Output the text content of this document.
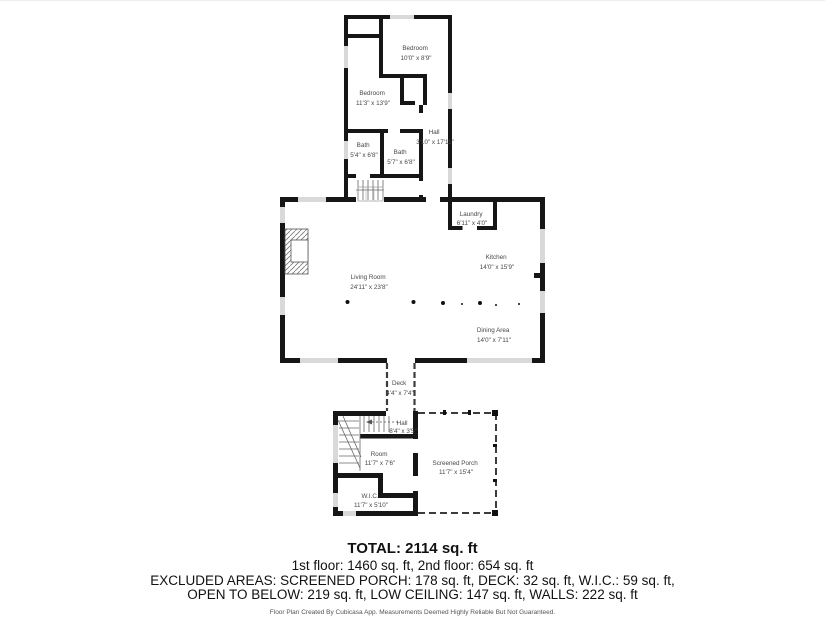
Bedroom 10'0" x 8'9"
Bedroom 11'3" x 13'9"
Bath 5'4" x 6'8"	Bath 5'7" x 6'8"
Hall 3'10" x 17'11"
Laundry 6'11" x 4'0"
Kitchen 14'0" x 15'9"
Living Room 24'11" x 23'8"
Dining Area 14'0" x 7'11"
Deck 4'4" x 7'4"
Hall 8'4" x 3'5"
Room 11'7" x 7'6"	Screened Porch 11'7" x 15'4"
W.I.C. 11'7" x 5'10"
TOTAL: 2114 sq. ft
1st floor: 1460 sq. ft, 2nd floor: 654 sq. ft
EXCLUDED AREAS: SCREENED PORCH: 178 sq. ft, DECK: 32 sq. ft, W.I.C.: 59 sq. ft,
OPEN TO BELOW: 219 sq. ft, LOW CEILING: 147 sq. ft, WALLS: 222 sq. ft
Floor Plan Created By Cubicasa App. Measurements Deemed Highly Reliable But Not Guaranteed.
